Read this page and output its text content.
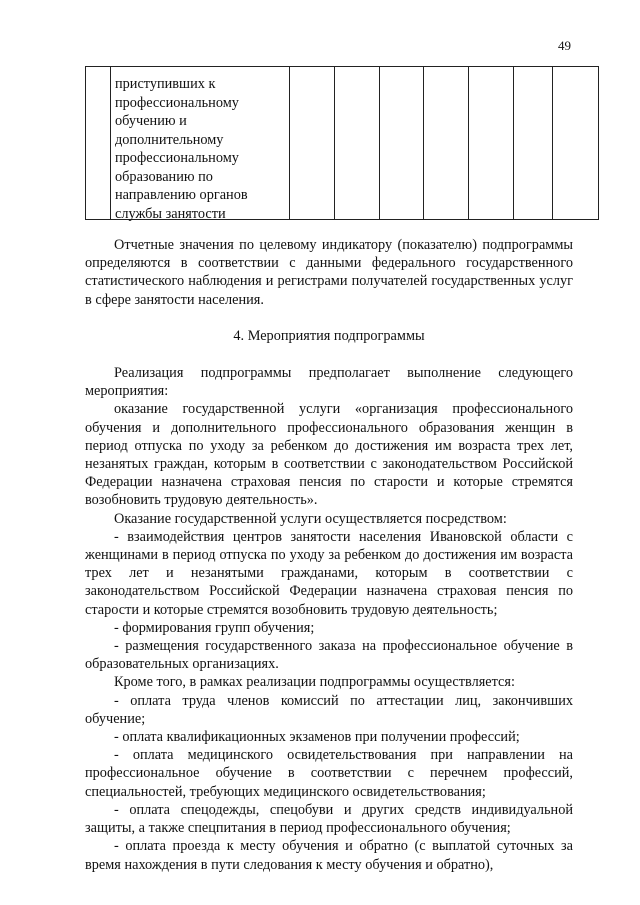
49

приступивших к
профессиональному
обучению и
дополнительному
профессиональному
образованию по
направлению органов
службы занятости

Отчетные значения по целевому индикатору (показателю) подпрограммы определяются в соответствии с данными федерального государственного статистического наблюдения и регистрами получателей государственных услуг в сфере занятости населения.

4. Мероприятия подпрограммы

Реализация подпрограммы предполагает выполнение следующего мероприятия:

оказание государственной услуги «организация профессионального обучения и дополнительного профессионального образования женщин в период отпуска по уходу за ребенком до достижения им возраста трех лет, незанятых граждан, которым в соответствии с законодательством Российской Федерации назначена страховая пенсия по старости и которые стремятся возобновить трудовую деятельность».

Оказание государственной услуги осуществляется посредством:

- взаимодействия центров занятости населения Ивановской области с женщинами в период отпуска по уходу за ребенком до достижения им возраста трех лет и незанятыми гражданами, которым в соответствии с законодательством Российской Федерации назначена страховая пенсия по старости и которые стремятся возобновить трудовую деятельность;

- формирования групп обучения;

- размещения государственного заказа на профессиональное обучение в образовательных организациях.

Кроме того, в рамках реализации подпрограммы осуществляется:

- оплата труда членов комиссий по аттестации лиц, закончивших обучение;

- оплата квалификационных экзаменов при получении профессий;

- оплата медицинского освидетельствования при направлении на профессиональное обучение в соответствии с перечнем профессий, специальностей, требующих медицинского освидетельствования;

- оплата спецодежды, спецобуви и других средств индивидуальной защиты, а также спецпитания в период профессионального обучения;

- оплата проезда к месту обучения и обратно (с выплатой суточных за время нахождения в пути следования к месту обучения и обратно),
